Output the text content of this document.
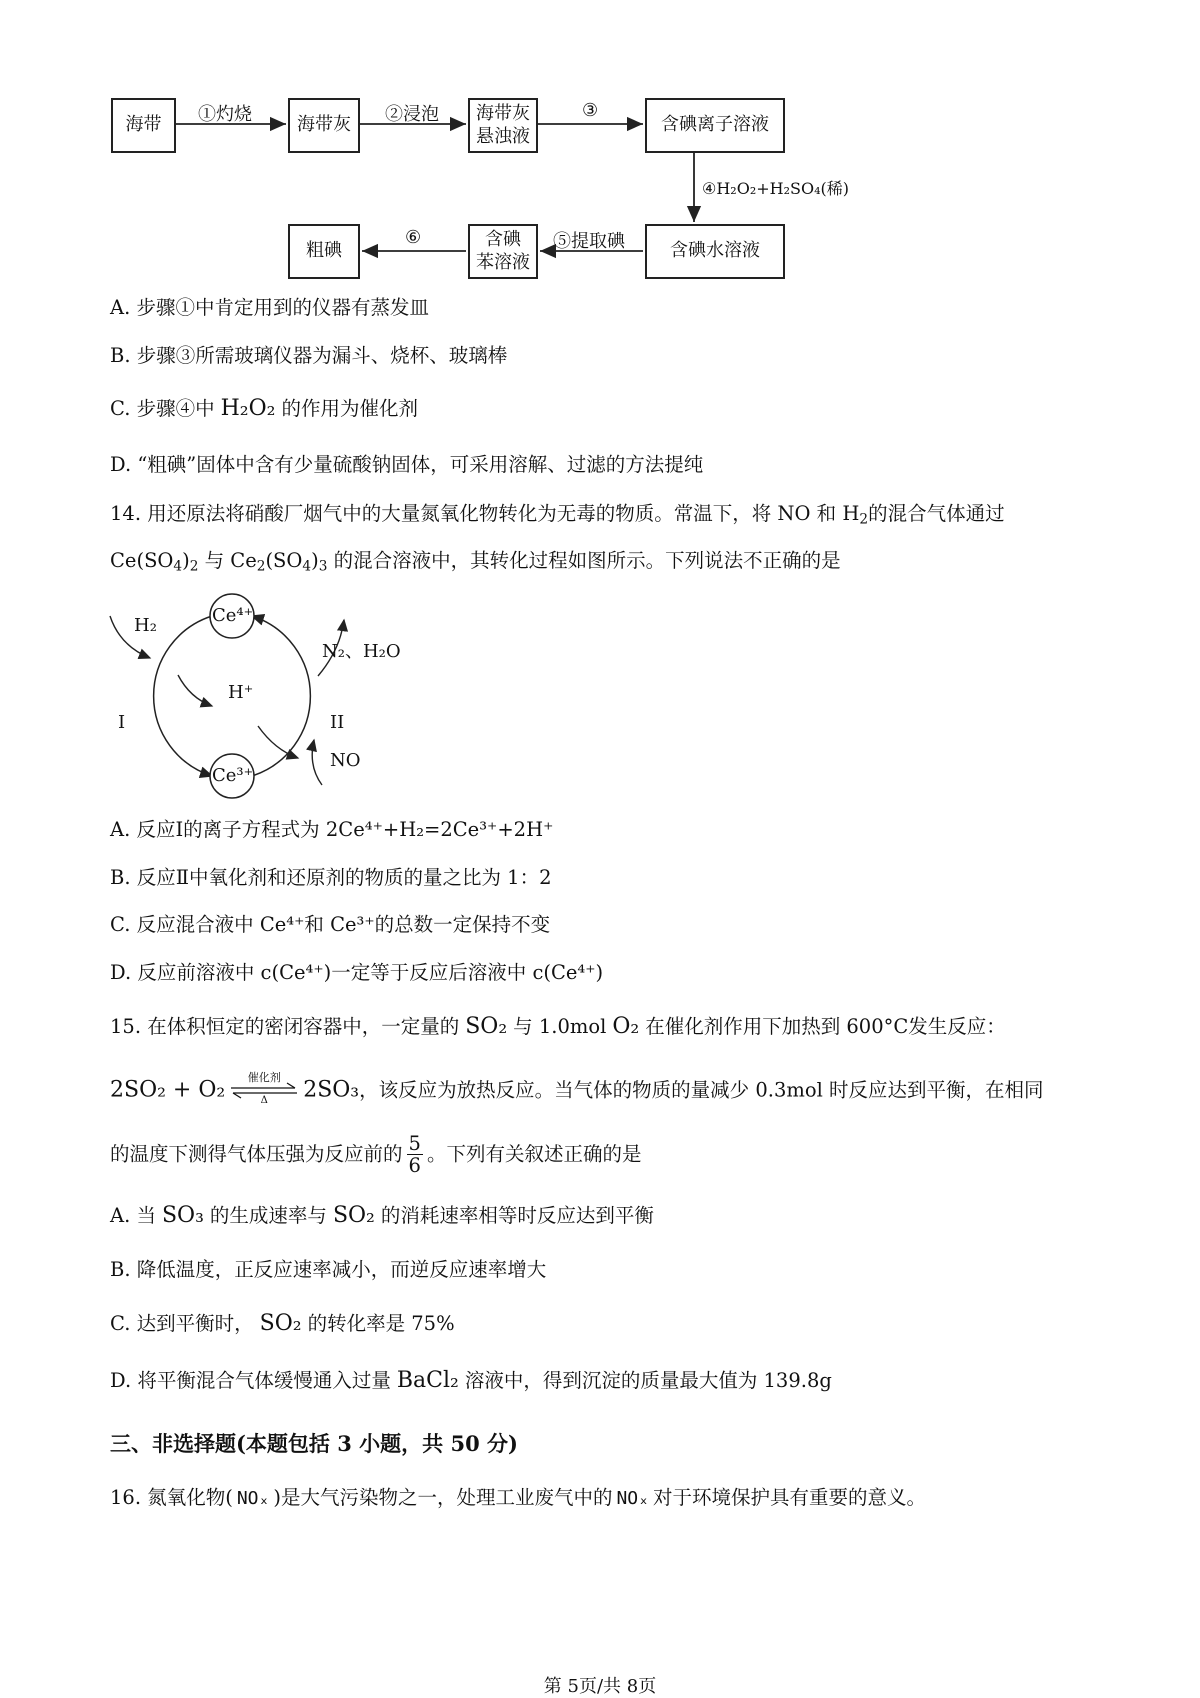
海带	海带灰
海带灰
悬浊液
含碘离子溶液
含碘水溶液
含碘
苯溶液
粗碘
①灼烧	②浸泡	③
④H₂O₂+H₂SO₄(稀)
⑤提取碘
⑥
A. 步骤①中肯定用到的仪器有蒸发皿
B. 步骤③所需玻璃仪器为漏斗、烧杯、玻璃棒
C. 步骤④中 H₂O₂ 的作用为催化剂
D. “粗碘”固体中含有少量硫酸钠固体，可采用溶解、过滤的方法提纯
14. 用还原法将硝酸厂烟气中的大量氮氧化物转化为无毒的物质。常温下，将 NO 和 $H_2$的混合气体通过
$Ce(SO_4)_2$ 与 $Ce_2(SO_4)_3$ 的混合溶液中，其转化过程如图所示。下列说法不正确的是
Ce⁴⁺
Ce³⁺
H₂
H⁺
N₂、H₂O
NO
I	II
A. 反应Ⅰ的离子方程式为 2Ce⁴⁺+H₂=2Ce³⁺+2H⁺
B. 反应Ⅱ中氧化剂和还原剂的物质的量之比为 1：2
C. 反应混合液中 Ce⁴⁺和 Ce³⁺的总数一定保持不变
D. 反应前溶液中 c(Ce⁴⁺)一定等于反应后溶液中 c(Ce⁴⁺)
15. 在体积恒定的密闭容器中，一定量的 SO₂ 与 1.0mol O₂ 在催化剂作用下加热到 600°C发生反应：
2SO₂ + O₂	催化剂
Δ	2SO₃，该反应为放热反应。当气体的物质的量减少 0.3mol 时反应达到平衡，在相同
的温度下测得气体压强为反应前的 $\frac{5}{6}$ 。下列有关叙述正确的是
A. 当 SO₃ 的生成速率与 SO₂ 的消耗速率相等时反应达到平衡
B. 降低温度，正反应速率减小，而逆反应速率增大
C. 达到平衡时， SO₂ 的转化率是 75%
D. 将平衡混合气体缓慢通入过量 BaCl₂ 溶液中，得到沉淀的质量最大值为 139.8g
三、非选择题(本题包括 3 小题，共 50 分)
16. 氮氧化物( NOₓ )是大气污染物之一，处理工业废气中的 NOₓ 对于环境保护具有重要的意义。
第 5页/共 8页
